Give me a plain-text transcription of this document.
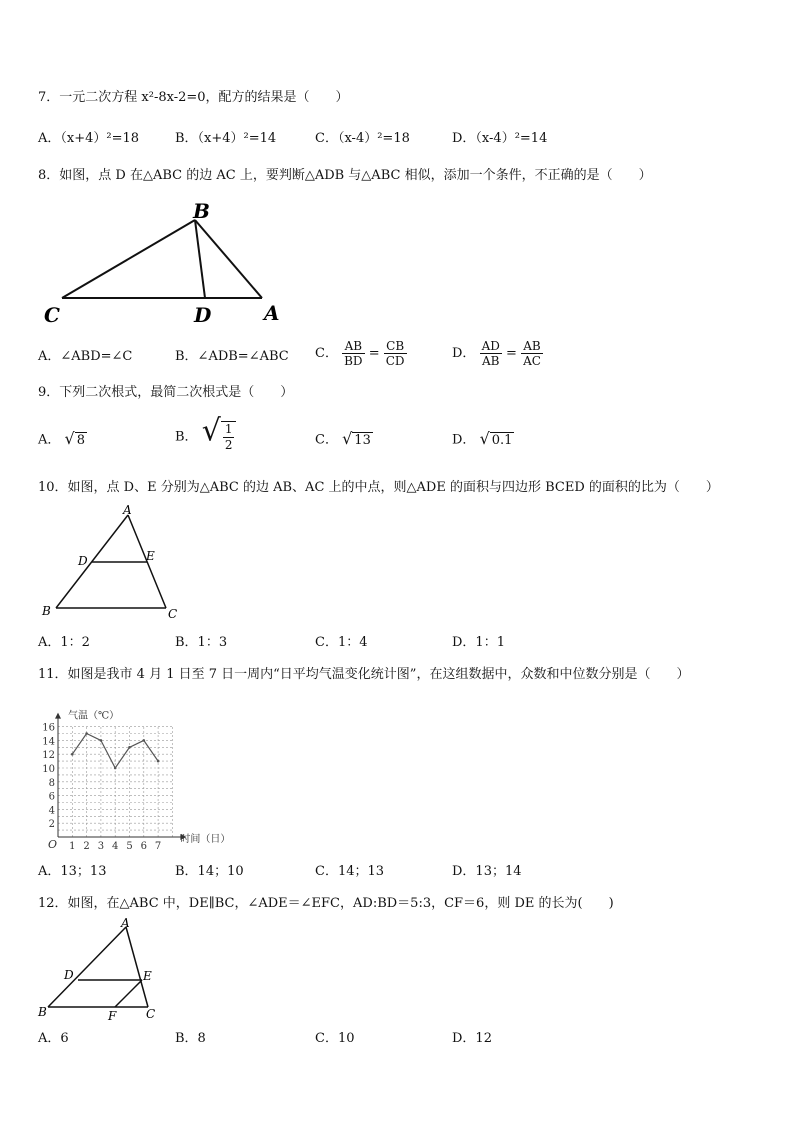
7．一元二次方程 x²-8x-2=0，配方的结果是（　　）
A．（x+4）²=18	B．（x+4）²=14	C．（x-4）²=18	D．（x-4）²=14
8．如图，点 D 在△ABC 的边 AC 上，要判断△ADB 与△ABC 相似，添加一个条件，不正确的是（　　）
B
C	D	A
A．∠ABD=∠C	B．∠ADB=∠ABC C． $\frac{AB}{BD} = \frac{CB}{CD}$	D． $\frac{AD}{AB} = \frac{AB}{AC}$
9．下列二次根式，最简二次根式是（　　）
A． √ 8	B． √ $\frac{1}{2}$	C． √ 13	D． √ 0.1
10．如图，点 D、E 分别为△ABC 的边 AB、AC 上的中点，则△ADE 的面积与四边形 BCED 的面积的比为（　　）
A
D	E
B	C
A．1：2	B．1：3	C．1：4	D．1：1
11．如图是我市 4 月 1 日至 7 日一周内“日平均气温变化统计图”，在这组数据中，众数和中位数分别是（　　）
2
4
6
8
10
12
14
16
1 2 3 4 5 6 7
气温（℃）
时间（日）
O
A．13；13	B．14；10	C．14；13	D．13；14
12．如图，在△ABC 中，DE∥BC，∠ADE＝∠EFC，AD:BD＝5:3，CF＝6，则 DE 的长为(　　)
A
D	E
B	F C
A．6	B．8	C．10	D．12
